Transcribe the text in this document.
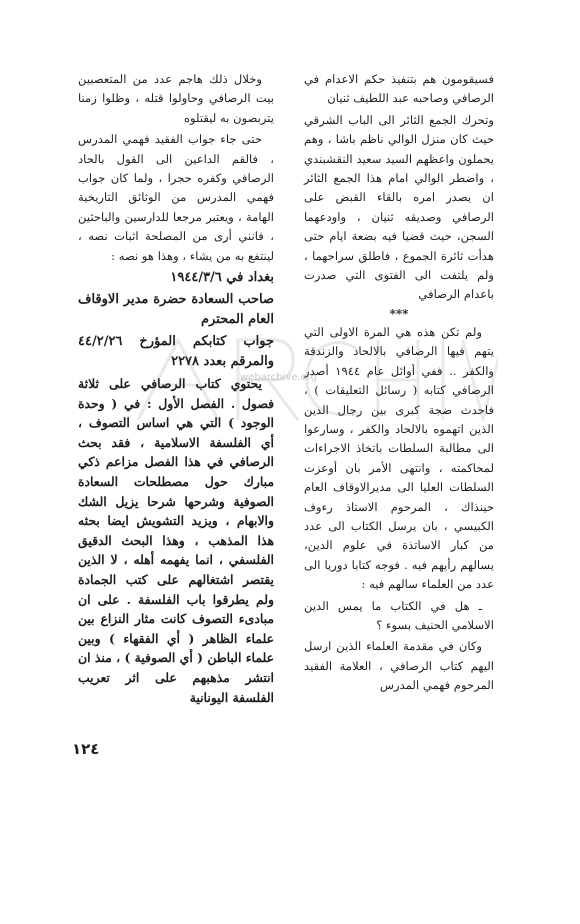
فسيقومون هم بتنفيذ حكم الاعدام في الرصافي وصاحبه عبد اللطيف ثنيان

وتحرك الجمع الثائر الى الباب الشرقي حيث كان منزل الوالي ناظم باشا ، وهم يحملون واعظهم السيد سعيد النقشبندي ، واضطر الوالي امام هذا الجمع الثائر ان يصدر امره بالقاء القبض على الرصافي وصديقه ثنيان ، واودعهما السجن، حيث قضيا فيه بضعة ايام حتى هدأت ثائرة الجموع ، فاطلق سراحهما ، ولم يلتفت الى الفتوى التي صدرت باعدام الرصافي

***

ولم تكن هذه هي المرة الاولى التي يتهم فيها الرصافي بالالحاد والزندقة والكفر .. ففي أوائل عام ١٩٤٤ أصدر الرصافي كتابه ( رسائل التعليقات ) ، فاحدث ضجة كبرى بين رجال الدين الذين اتهموه بالالحاد والكفر ، وسارعوا الى مطالبة السلطات باتخاذ الاجراءات لمحاكمته ، وانتهى الأمر بان أوعزت السلطات العليا الى مديرالاوقاف العام حينذاك ، المرحوم الاستاذ رءوف الكبيسي ، بان يرسل الكتاب الى عدد من كبار الاساتذة في علوم الدين، يسالهم رأيهم فيه . فوجه كتابا دوريا الى عدد من العلماء سالهم فيه :

ـ هل في الكتاب ما يمس الدين الاسلامي الحنيف بسوء ؟

وكان في مقدمة العلماء الذين ارسل اليهم كتاب الرصافي ، العلامة الفقيد المرحوم فهمي المدرس

وخلال ذلك هاجم عدد من المتعصبين بيت الرصافي وحاولوا قتله ، وظلوا زمنا يتربصون به ليقتلوه

حتى جاء جواب الفقيد فهمي المدرس ، فالقم الداعين الى القول بالحاد الرصافي وكفره حجرا ، ولما كان جواب فهمي المدرس من الوثائق التاريخية الهامة ، ويعتبر مرجعا للدارسين والباحثين ، فانني أرى من المصلحة اثبات نصه ، لينتفع به من يشاء ، وهذا هو نصه :

بغداد في ١٩٤٤/٣/٦

صاحب السعادة حضرة مدير الاوقاف العام المحترم

جواب كتابكم المؤرخ ٤٤/٢/٢٦ والمرقم بعدد ٢٢٧٨

يحتوي كتاب الرصافي على ثلاثة فصول . الفصل الأول : في ( وحدة الوجود ) التي هي اساس التصوف ، أي الفلسفة الاسلامية ، فقد بحث الرصافي في هذا الفصل مزاعم ذكي مبارك حول مصطلحات السعادة الصوفية وشرحها شرحا يزيل الشك والابهام ، ويزيد التشويش ايضا بحثه هذا المذهب ، وهذا البحث الدقيق الفلسفي ، انما يفهمه أهله ، لا الذين يقتصر اشتغالهم على كتب الجمادة ولم يطرقوا باب الفلسفة . على ان مبادىء التصوف كانت مثار النزاع بين علماء الظاهر ( أي الفقهاء ) وبين علماء الباطن ( أي الصوفية ) ، منذ ان انتشر مذهبهم على اثر تعريب الفلسفة اليونانية

webarchive.org
١٢٤
